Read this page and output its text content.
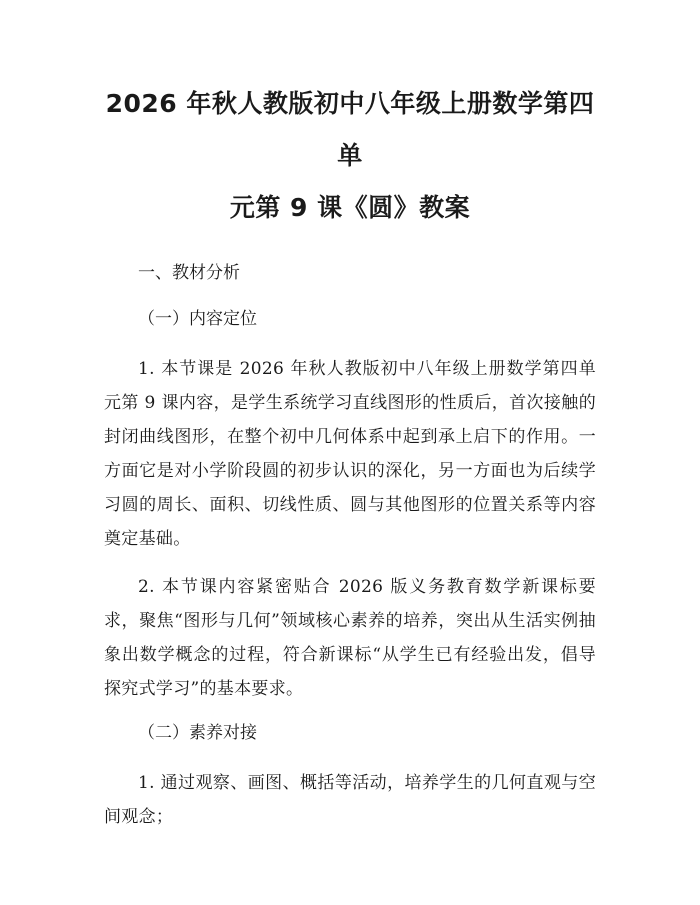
2026 年秋人教版初中八年级上册数学第四单
元第 9 课《圆》教案

一、教材分析

（一）内容定位

1. 本节课是 2026 年秋人教版初中八年级上册数学第四单元第 9 课内容，是学生系统学习直线图形的性质后，首次接触的封闭曲线图形，在整个初中几何体系中起到承上启下的作用。一方面它是对小学阶段圆的初步认识的深化，另一方面也为后续学习圆的周长、面积、切线性质、圆与其他图形的位置关系等内容奠定基础。

2. 本节课内容紧密贴合 2026 版义务教育数学新课标要求，聚焦“图形与几何”领域核心素养的培养，突出从生活实例抽象出数学概念的过程，符合新课标“从学生已有经验出发，倡导探究式学习”的基本要求。

（二）素养对接

1. 通过观察、画图、概括等活动，培养学生的几何直观与空间观念；
